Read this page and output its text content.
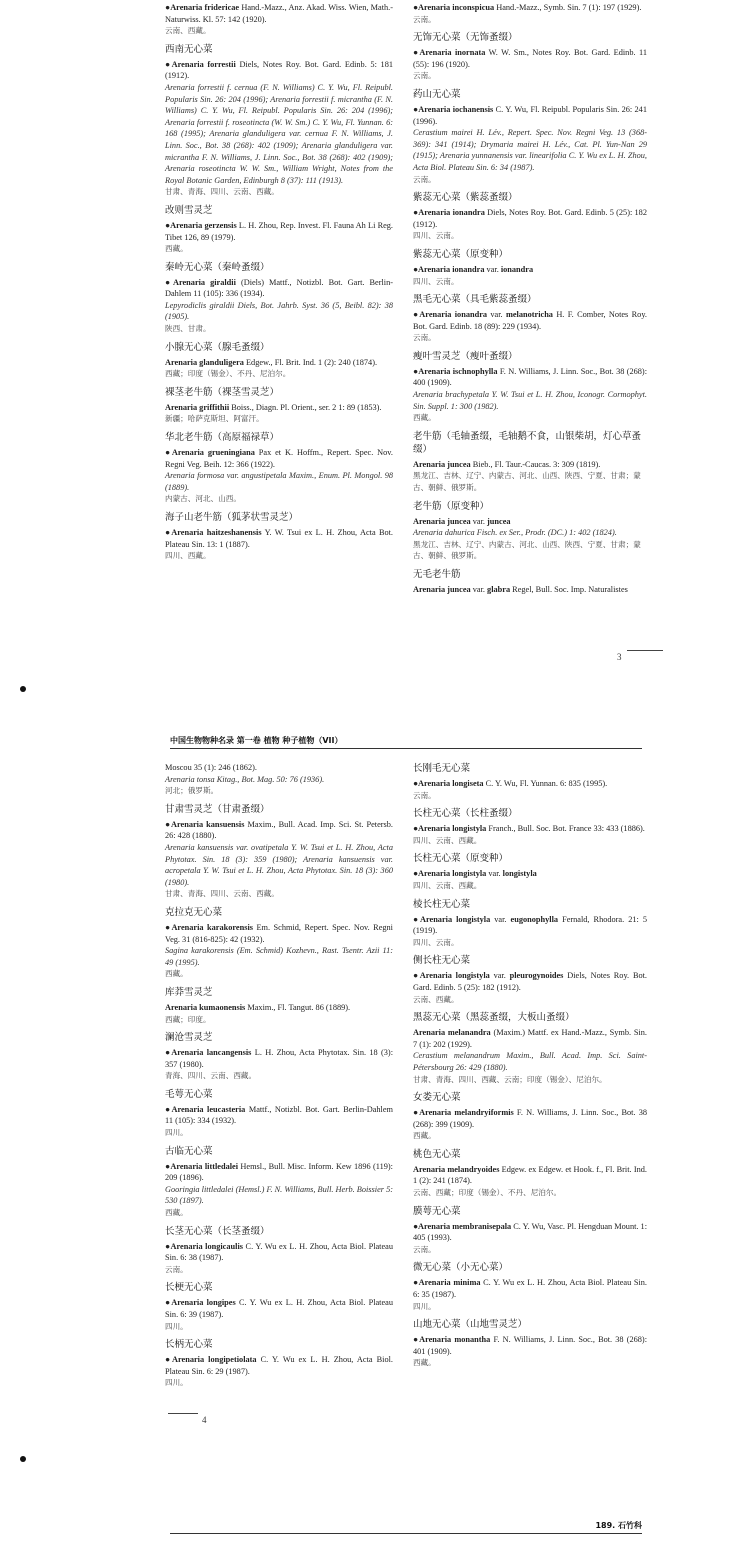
●Arenaria fridericae Hand.-Mazz., Anz. Akad. Wiss. Wien, Math.-Naturwiss. Kl. 57: 142 (1920).
云南、西藏。
西南无心菜
●Arenaria forrestii Diels, Notes Roy. Bot. Gard. Edinb. 5: 181 (1912).
Arenaria forrestii f. cernua (F. N. Williams) C. Y. Wu, Fl. Reipubl. Popularis Sin. 26: 204 (1996); Arenaria forrestii f. micrantha (F. N. Williams) C. Y. Wu, Fl. Reipubl. Popularis Sin. 26: 204 (1996); Arenaria forrestii f. roseotincta (W. W. Sm.) C. Y. Wu, Fl. Yunnan. 6: 168 (1995); Arenaria glanduligera var. cernua F. N. Williams, J. Linn. Soc., Bot. 38 (268): 402 (1909); Arenaria glanduligera var. micrantha F. N. Williams, J. Linn. Soc., Bot. 38 (268): 402 (1909); Arenaria roseotincta W. W. Sm., William Wright, Notes from the Royal Botanic Garden, Edinburgh 8 (37): 111 (1913).
甘肃、青海、四川、云南、西藏。
改则雪灵芝
●Arenaria gerzensis L. H. Zhou, Rep. Invest. Fl. Fauna Ah Li Reg. Tibet 126, 89 (1979).
西藏。
秦岭无心菜（秦岭蚤缀）
●Arenaria giraldii (Diels) Mattf., Notizbl. Bot. Gart. Berlin-Dahlem 11 (105): 336 (1934).
Lepyrodiclis giraldii Diels, Bot. Jahrb. Syst. 36 (5, Beibl. 82): 38 (1905).
陕西、甘肃。
小腺无心菜（腺毛蚤缀）
Arenaria glanduligera Edgew., Fl. Brit. Ind. 1 (2): 240 (1874).
西藏；印度（锡金）、不丹、尼泊尔。
裸茎老牛筋（裸茎雪灵芝）
Arenaria griffithii Boiss., Diagn. Pl. Orient., ser. 2 1: 89 (1853).
新疆；哈萨克斯坦、阿富汗。
华北老牛筋（高原福禄草）
●Arenaria grueningiana Pax et K. Hoffm., Repert. Spec. Nov. Regni Veg. Beih. 12: 366 (1922).
Arenaria formosa var. angustipetala Maxim., Enum. Pl. Mongol. 98 (1889).
内蒙古、河北、山西。
海子山老牛筋（狐茅状雪灵芝）
●Arenaria haitzeshanensis Y. W. Tsui ex L. H. Zhou, Acta Bot. Plateau Sin. 13: 1 (1887).
四川、西藏。
●Arenaria inconspicua Hand.-Mazz., Symb. Sin. 7 (1): 197 (1929).
云南。
无饰无心菜（无饰蚤缀）
●Arenaria inornata W. W. Sm., Notes Roy. Bot. Gard. Edinb. 11 (55): 196 (1920).
云南。
药山无心菜
●Arenaria iochanensis C. Y. Wu, Fl. Reipubl. Popularis Sin. 26: 241 (1996).
Cerastium mairei H. Lév., Repert. Spec. Nov. Regni Veg. 13 (368-369): 341 (1914); Drymaria mairei H. Lév., Cat. Pl. Yun-Nan 29 (1915); Arenaria yunnanensis var. linearifolia C. Y. Wu ex L. H. Zhou, Acta Biol. Plateau Sin. 6: 34 (1987).
云南。
紫蕊无心菜（紫蕊蚤缀）
●Arenaria ionandra Diels, Notes Roy. Bot. Gard. Edinb. 5 (25): 182 (1912).
四川、云南。
紫蕊无心菜（原变种）
●Arenaria ionandra var. ionandra
四川、云南。
黑毛无心菜（具毛紫蕊蚤缀）
●Arenaria ionandra var. melanotricha H. F. Comber, Notes Roy. Bot. Gard. Edinb. 18 (89): 229 (1934).
云南。
瘦叶雪灵芝（瘦叶蚤缀）
●Arenaria ischnophylla F. N. Williams, J. Linn. Soc., Bot. 38 (268): 400 (1909).
Arenaria brachypetala Y. W. Tsui et L. H. Zhou, Iconogr. Cormophyt. Sin. Suppl. 1: 300 (1982).
西藏。
老牛筋（毛轴蚤缀，毛轴鹅不食，山银柴胡，灯心草蚤缀）
Arenaria juncea Bieb., Fl. Taur.-Caucas. 3: 309 (1819).
黑龙江、吉林、辽宁、内蒙古、河北、山西、陕西、宁夏、甘肃；蒙古、朝鲜、俄罗斯。
老牛筋（原变种）
Arenaria juncea var. juncea
Arenaria dahurica Fisch. ex Ser., Prodr. (DC.) 1: 402 (1824).
黑龙江、吉林、辽宁、内蒙古、河北、山西、陕西、宁夏、甘肃；蒙古、朝鲜、俄罗斯。
无毛老牛筋
Arenaria juncea var. glabra Regel, Bull. Soc. Imp. Naturalistes
3
中国生物物种名录 第一卷 植物 种子植物（VII）
Moscou 35 (1): 246 (1862).
Arenaria tonsa Kitag., Bot. Mag. 50: 76 (1936).
河北；俄罗斯。
甘肃雪灵芝（甘肃蚤缀）
●Arenaria kansuensis Maxim., Bull. Acad. Imp. Sci. St. Petersb. 26: 428 (1880).
Arenaria kansuensis var. ovatipetala Y. W. Tsui et L. H. Zhou, Acta Phytotax. Sin. 18 (3): 359 (1980); Arenaria kansuensis var. acropetala Y. W. Tsui et L. H. Zhou, Acta Phytotax. Sin. 18 (3): 360 (1980).
甘肃、青海、四川、云南、西藏。
克拉克无心菜
●Arenaria karakorensis Em. Schmid, Repert. Spec. Nov. Regni Veg. 31 (816-825): 42 (1932).
Sagina karakorensis (Em. Schmid) Kozhevn., Rast. Tsentr. Azii 11: 49 (1995).
西藏。
库莽雪灵芝
Arenaria kumaonensis Maxim., Fl. Tangut. 86 (1889).
西藏；印度。
澜沧雪灵芝
●Arenaria lancangensis L. H. Zhou, Acta Phytotax. Sin. 18 (3): 357 (1980).
青海、四川、云南、西藏。
毛萼无心菜
●Arenaria leucasteria Mattf., Notizbl. Bot. Gart. Berlin-Dahlem 11 (105): 334 (1932).
四川。
古临无心菜
●Arenaria littledalei Hemsl., Bull. Misc. Inform. Kew 1896 (119): 209 (1896).
Gooringia littledalei (Hemsl.) F. N. Williams, Bull. Herb. Boissier 5: 530 (1897).
西藏。
长茎无心菜（长茎蚤缀）
●Arenaria longicaulis C. Y. Wu ex L. H. Zhou, Acta Biol. Plateau Sin. 6: 38 (1987).
云南。
长梗无心菜
●Arenaria longipes C. Y. Wu ex L. H. Zhou, Acta Biol. Plateau Sin. 6: 39 (1987).
四川。
长柄无心菜
●Arenaria longipetiolata C. Y. Wu ex L. H. Zhou, Acta Biol. Plateau Sin. 6: 29 (1987).
四川。
长刚毛无心菜
●Arenaria longiseta C. Y. Wu, Fl. Yunnan. 6: 835 (1995).
云南。
长柱无心菜（长柱蚤缀）
●Arenaria longistyla Franch., Bull. Soc. Bot. France 33: 433 (1886).
四川、云南、西藏。
长柱无心菜（原变种）
●Arenaria longistyla var. longistyla
四川、云南、西藏。
棱长柱无心菜
●Arenaria longistyla var. eugonophylla Fernald, Rhodora. 21: 5 (1919).
四川、云南。
侧长柱无心菜
●Arenaria longistyla var. pleurogynoides Diels, Notes Roy. Bot. Gard. Edinb. 5 (25): 182 (1912).
云南、西藏。
黑蕊无心菜（黑蕊蚤缀，大板山蚤缀）
Arenaria melanandra (Maxim.) Mattf. ex Hand.-Mazz., Symb. Sin. 7 (1): 202 (1929).
Cerastium melanandrum Maxim., Bull. Acad. Imp. Sci. Saint-Pétersbourg 26: 429 (1880).
甘肃、青海、四川、西藏、云南；印度（锡金）、尼泊尔。
女娄无心菜
●Arenaria melandryiformis F. N. Williams, J. Linn. Soc., Bot. 38 (268): 399 (1909).
西藏。
桃色无心菜
Arenaria melandryoides Edgew. ex Edgew. et Hook. f., Fl. Brit. Ind. 1 (2): 241 (1874).
云南、西藏；印度（锡金）、不丹、尼泊尔。
膜萼无心菜
●Arenaria membranisepala C. Y. Wu, Vasc. Pl. Hengduan Mount. 1: 405 (1993).
云南。
微无心菜（小无心菜）
●Arenaria minima C. Y. Wu ex L. H. Zhou, Acta Biol. Plateau Sin. 6: 35 (1987).
四川。
山地无心菜（山地雪灵芝）
●Arenaria monantha F. N. Williams, J. Linn. Soc., Bot. 38 (268): 401 (1909).
西藏。
4
189. 石竹科
